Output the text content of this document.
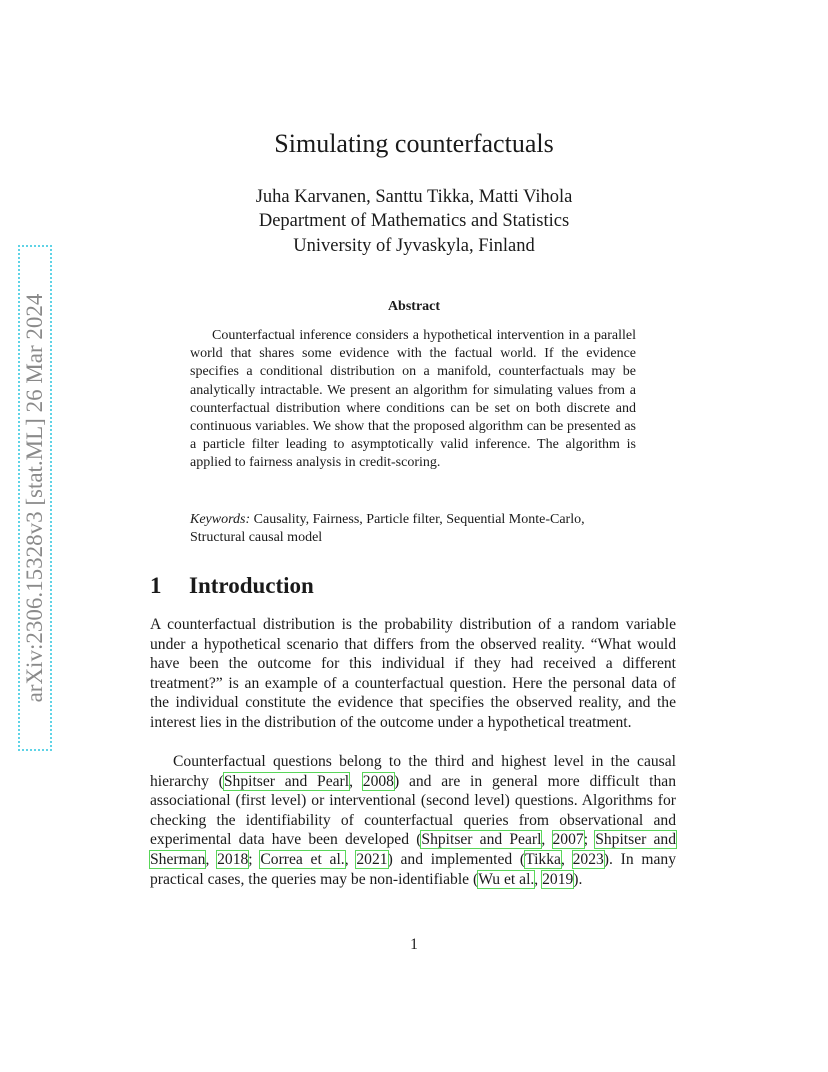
arXiv:2306.15328v3 [stat.ML] 26 Mar 2024
Simulating counterfactuals
Juha Karvanen, Santtu Tikka, Matti Vihola
Department of Mathematics and Statistics
University of Jyvaskyla, Finland
Abstract

Counterfactual inference considers a hypothetical intervention in a parallel world that shares some evidence with the factual world. If the evidence specifies a conditional distribution on a manifold, counterfactuals may be analytically intractable. We present an algorithm for simulating values from a counterfactual distribution where conditions can be set on both discrete and continuous variables. We show that the proposed algorithm can be presented as a particle filter leading to asymptotically valid inference. The algorithm is applied to fairness analysis in credit-scoring.

Keywords: Causality, Fairness, Particle filter, Sequential Monte-Carlo, Structural causal model

1 Introduction

A counterfactual distribution is the probability distribution of a random variable under a hypothetical scenario that differs from the observed reality. “What would have been the outcome for this individual if they had received a different treatment?” is an example of a counterfactual question. Here the personal data of the individual constitute the evidence that specifies the observed reality, and the interest lies in the distribution of the outcome under a hypothetical treatment.

Counterfactual questions belong to the third and highest level in the causal hierarchy (Shpitser and Pearl, 2008) and are in general more difficult than associational (first level) or interventional (second level) questions. Algorithms for checking the identifiability of counterfactual queries from observational and experimental data have been developed (Shpitser and Pearl, 2007; Shpitser and Sherman, 2018; Correa et al., 2021) and implemented (Tikka, 2023). In many practical cases, the queries may be non-identifiable (Wu et al., 2019).

1
